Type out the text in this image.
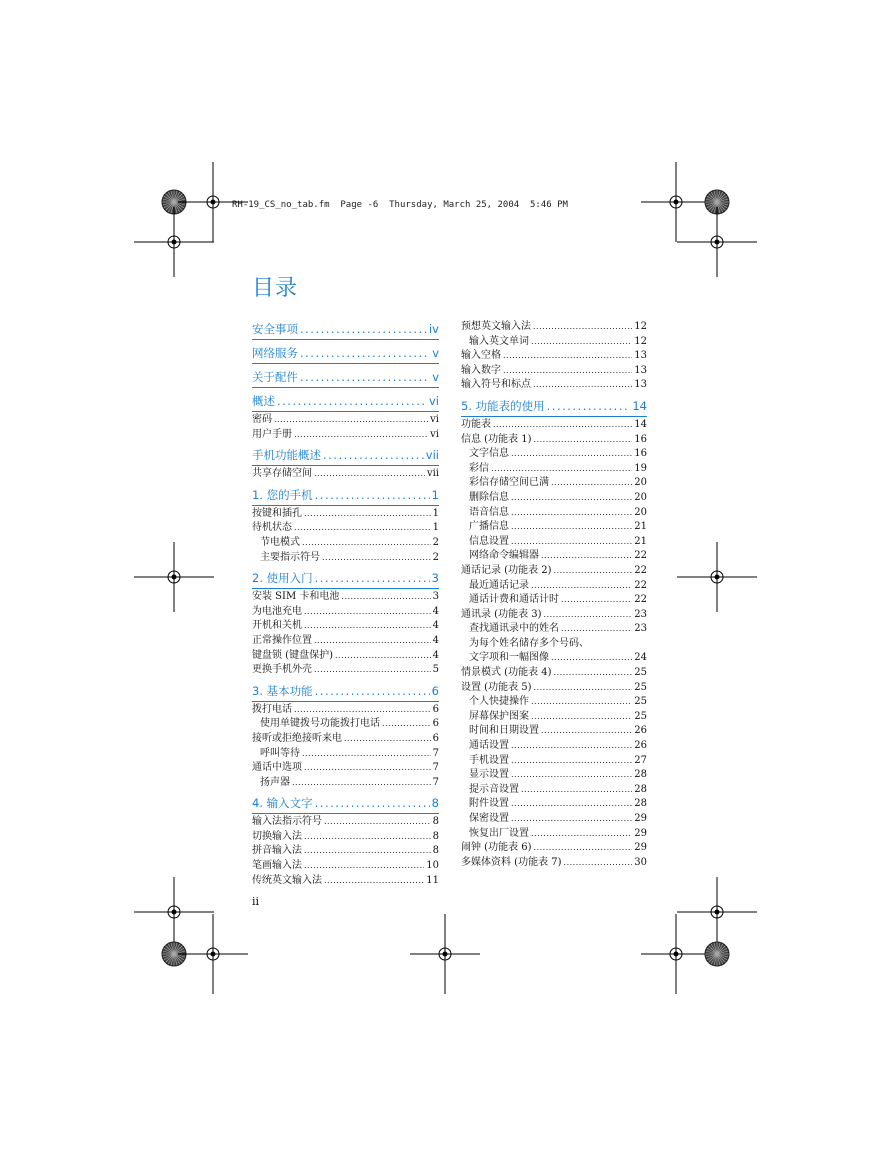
RH-19_CS_no_tab.fm  Page -6  Thursday, March 25, 2004  5:46 PM
目录
安全事项 .....	iv
网络服务 .....	v
关于配件 .....	v
概述 .....	vi
密码 .....	vi
用户手册 .....	vi
手机功能概述 .....	vii
共享存储空间 .....	vii
1. 您的手机 .....	1
按键和插孔 .....	1
待机状态 .....	1
节电模式 .....	2
主要指示符号 .....	2
2. 使用入门 .....	3
安装 SIM 卡和电池 .....	3
为电池充电 .....	4
开机和关机 .....	4
正常操作位置 .....	4
键盘锁 (键盘保护) .....	4
更换手机外壳 .....	5
3. 基本功能 .....	6
拨打电话 .....	6
使用单键拨号功能拨打电话 .....	6
接听或拒绝接听来电 .....	6
呼叫等待 .....	7
通话中选项 .....	7
扬声器 .....	7
4. 输入文字 .....	8
输入法指示符号 .....	8
切换输入法 .....	8
拼音输入法 .....	8
笔画输入法 .....	10
传统英文输入法 .....	11
预想英文输入法 .....	12
输入英文单词 .....	12
输入空格 .....	13
输入数字 .....	13
输入符号和标点 .....	13
5. 功能表的使用 .....	14
功能表 .....	14
信息 (功能表 1) .....	16
文字信息 .....	16
彩信 .....	19
彩信存储空间已满 .....	20
删除信息 .....	20
语音信息 .....	20
广播信息 .....	21
信息设置 .....	21
网络命令编辑器 .....	22
通话记录 (功能表 2) .....	22
最近通话记录 .....	22
通话计费和通话计时 .....	22
通讯录 (功能表 3) .....	23
查找通讯录中的姓名 .....	23
为每个姓名储存多个号码、
文字项和一幅图像 .....	24
情景模式 (功能表 4) .....	25
设置 (功能表 5) .....	25
个人快捷操作 .....	25
屏幕保护图案 .....	25
时间和日期设置 .....	26
通话设置 .....	26
手机设置 .....	27
显示设置 .....	28
提示音设置 .....	28
附件设置 .....	28
保密设置 .....	29
恢复出厂设置 .....	29
闹钟 (功能表 6) .....	29
多媒体资料 (功能表 7) .....	30
ii
